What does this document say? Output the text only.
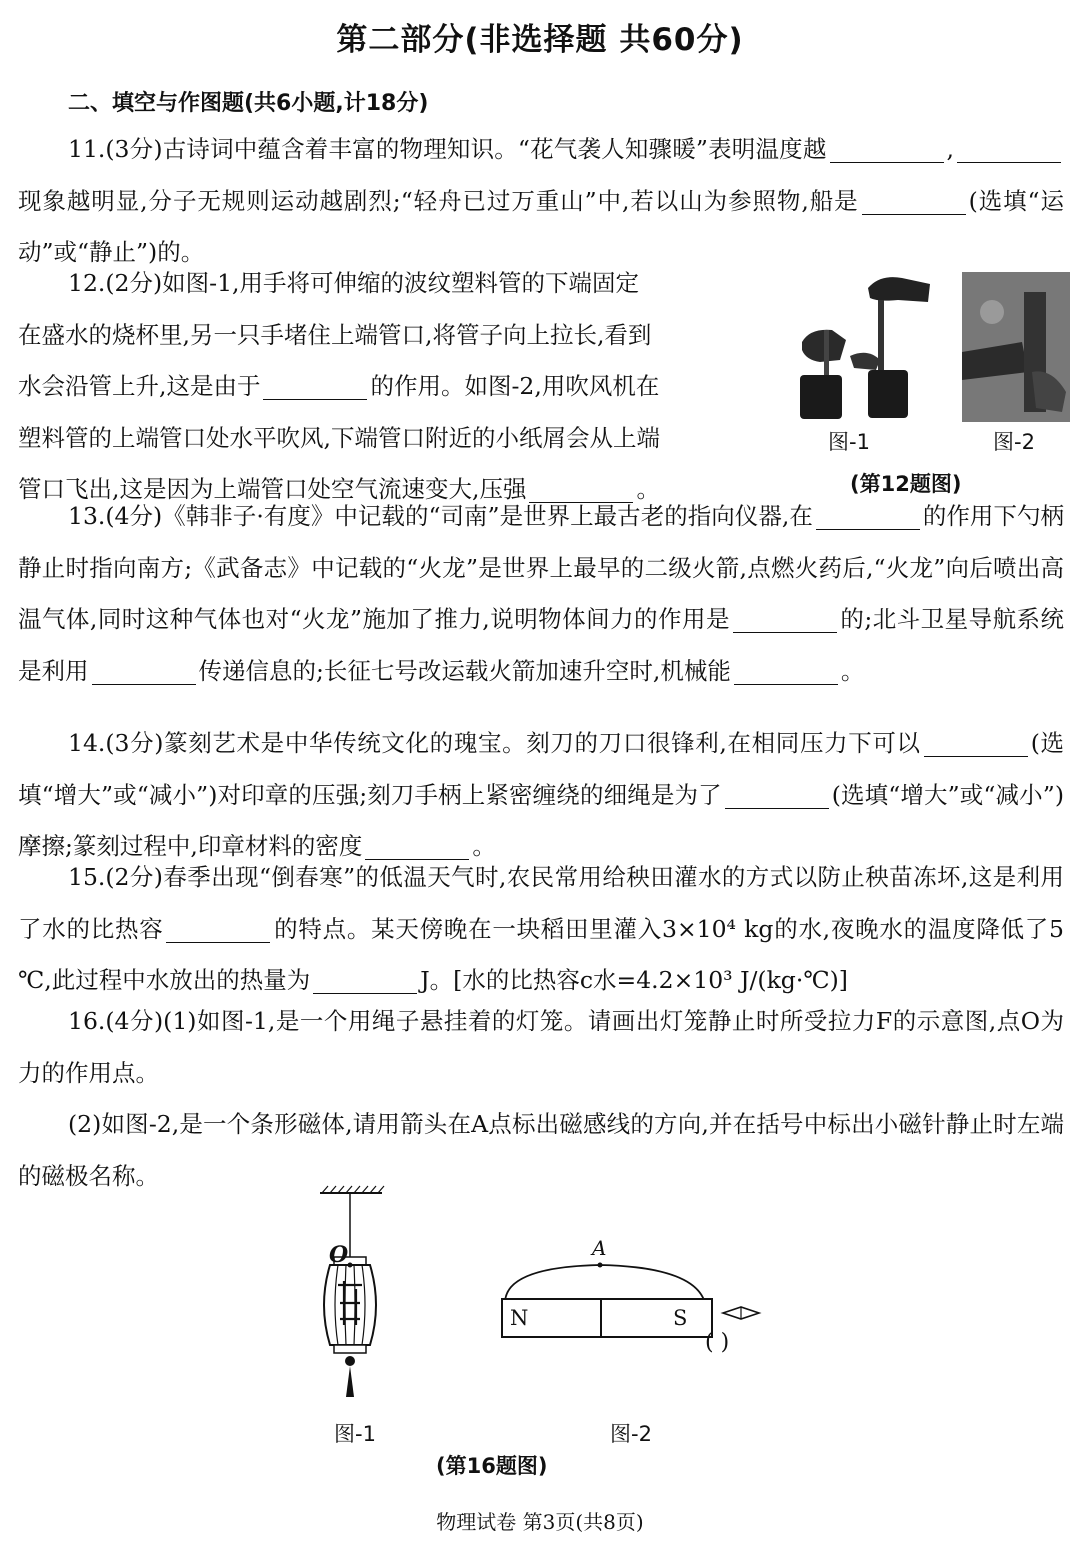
第二部分(非选择题 共60分)
二、填空与作图题(共6小题,计18分)
11.(3分)古诗词中蕴含着丰富的物理知识。“花气袭人知骤暖”表明温度越	,现象越明显,分子无规则运动越剧烈;“轻舟已过万重山”中,若以山为参照物,船是	(选填“运动”或“静止”)的。
12.(2分)如图-1,用手将可伸缩的波纹塑料管的下端固定
在盛水的烧杯里,另一只手堵住上端管口,将管子向上拉长,看到
水会沿管上升,这是由于	的作用。如图-2,用吹风机在
塑料管的上端管口处水平吹风,下端管口附近的小纸屑会从上端
管口飞出,这是因为上端管口处空气流速变大,压强	。
图-1	图-2
(第12题图)
13.(4分)《韩非子·有度》中记载的“司南”是世界上最古老的指向仪器,在	的作用下勺柄静止时指向南方;《武备志》中记载的“火龙”是世界上最早的二级火箭,点燃火药后,“火龙”向后喷出高温气体,同时这种气体也对“火龙”施加了推力,说明物体间力的作用是	的;北斗卫星导航系统是利用	传递信息的;长征七号改运载火箭加速升空时,机械能	。
14.(3分)篆刻艺术是中华传统文化的瑰宝。刻刀的刀口很锋利,在相同压力下可以	(选填“增大”或“减小”)对印章的压强;刻刀手柄上紧密缠绕的细绳是为了	(选填“增大”或“减小”)摩擦;篆刻过程中,印章材料的密度	。
15.(2分)春季出现“倒春寒”的低温天气时,农民常用给秧田灌水的方式以防止秧苗冻坏,这是利用了水的比热容	的特点。某天傍晚在一块稻田里灌入3×10⁴ kg的水,夜晚水的温度降低了5 ℃,此过程中水放出的热量为	J。[水的比热容c水=4.2×10³ J/(kg·℃)]
16.(4分)(1)如图-1,是一个用绳子悬挂着的灯笼。请画出灯笼静止时所受拉力F的示意图,点O为力的作用点。
(2)如图-2,是一个条形磁体,请用箭头在A点标出磁感线的方向,并在括号中标出小磁针静止时左端的磁极名称。
O	A
N	S
( )
图-1	图-2
(第16题图)
物理试卷 第3页(共8页)
